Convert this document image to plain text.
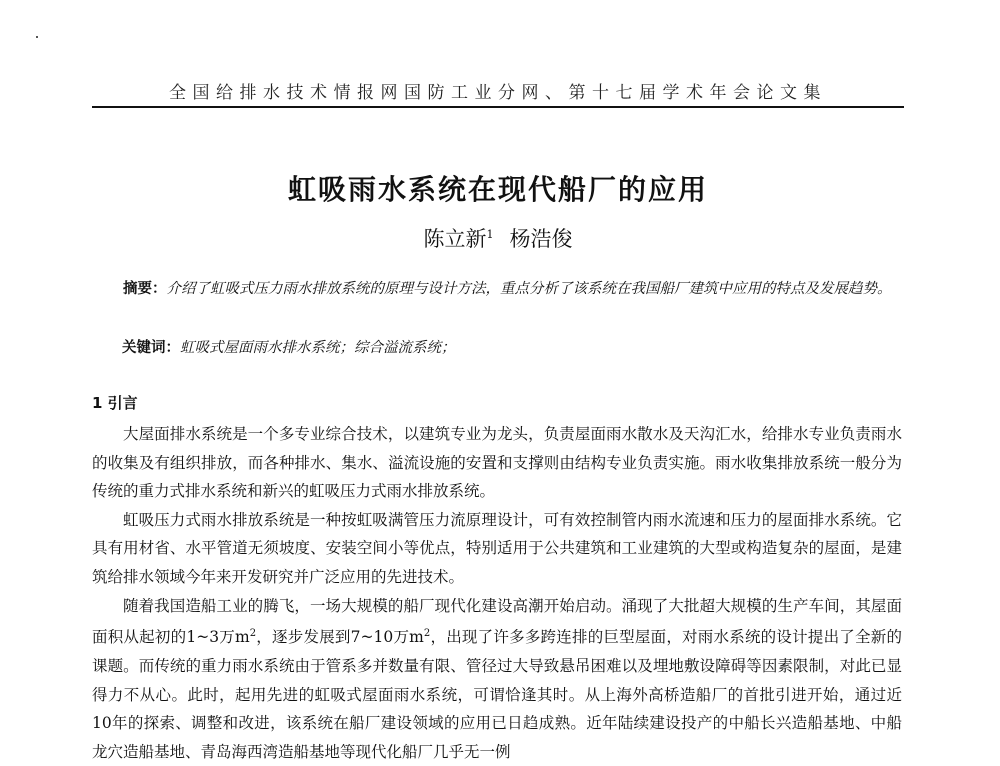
全国给排水技术情报网国防工业分网、第十七届学术年会论文集
虹吸雨水系统在现代船厂的应用
陈立新$^1$ 杨浩俊
摘要：介绍了虹吸式压力雨水排放系统的原理与设计方法，重点分析了该系统在我国船厂建筑中应用的特点及发展趋势。
关键词：虹吸式屋面雨水排水系统；综合溢流系统；
1 引言

大屋面排水系统是一个多专业综合技术，以建筑专业为龙头，负责屋面雨水散水及天沟汇水，给排水专业负责雨水的收集及有组织排放，而各种排水、集水、溢流设施的安置和支撑则由结构专业负责实施。雨水收集排放系统一般分为传统的重力式排水系统和新兴的虹吸压力式雨水排放系统。

虹吸压力式雨水排放系统是一种按虹吸满管压力流原理设计，可有效控制管内雨水流速和压力的屋面排水系统。它具有用材省、水平管道无须坡度、安装空间小等优点，特别适用于公共建筑和工业建筑的大型或构造复杂的屋面，是建筑给排水领域今年来开发研究并广泛应用的先进技术。

随着我国造船工业的腾飞，一场大规模的船厂现代化建设高潮开始启动。涌现了大批超大规模的生产车间，其屋面面积从起初的1~3万$m^2$，逐步发展到7~10万$m^2$，出现了许多多跨连排的巨型屋面，对雨水系统的设计提出了全新的课题。而传统的重力雨水系统由于管系多并数量有限、管径过大导致悬吊困难以及埋地敷设障碍等因素限制，对此已显得力不从心。此时，起用先进的虹吸式屋面雨水系统，可谓恰逢其时。从上海外高桥造船厂的首批引进开始，通过近10年的探索、调整和改进，该系统在船厂建设领域的应用已日趋成熟。近年陆续建设投产的中船长兴造船基地、中船龙穴造船基地、青岛海西湾造船基地等现代化船厂几乎无一例
